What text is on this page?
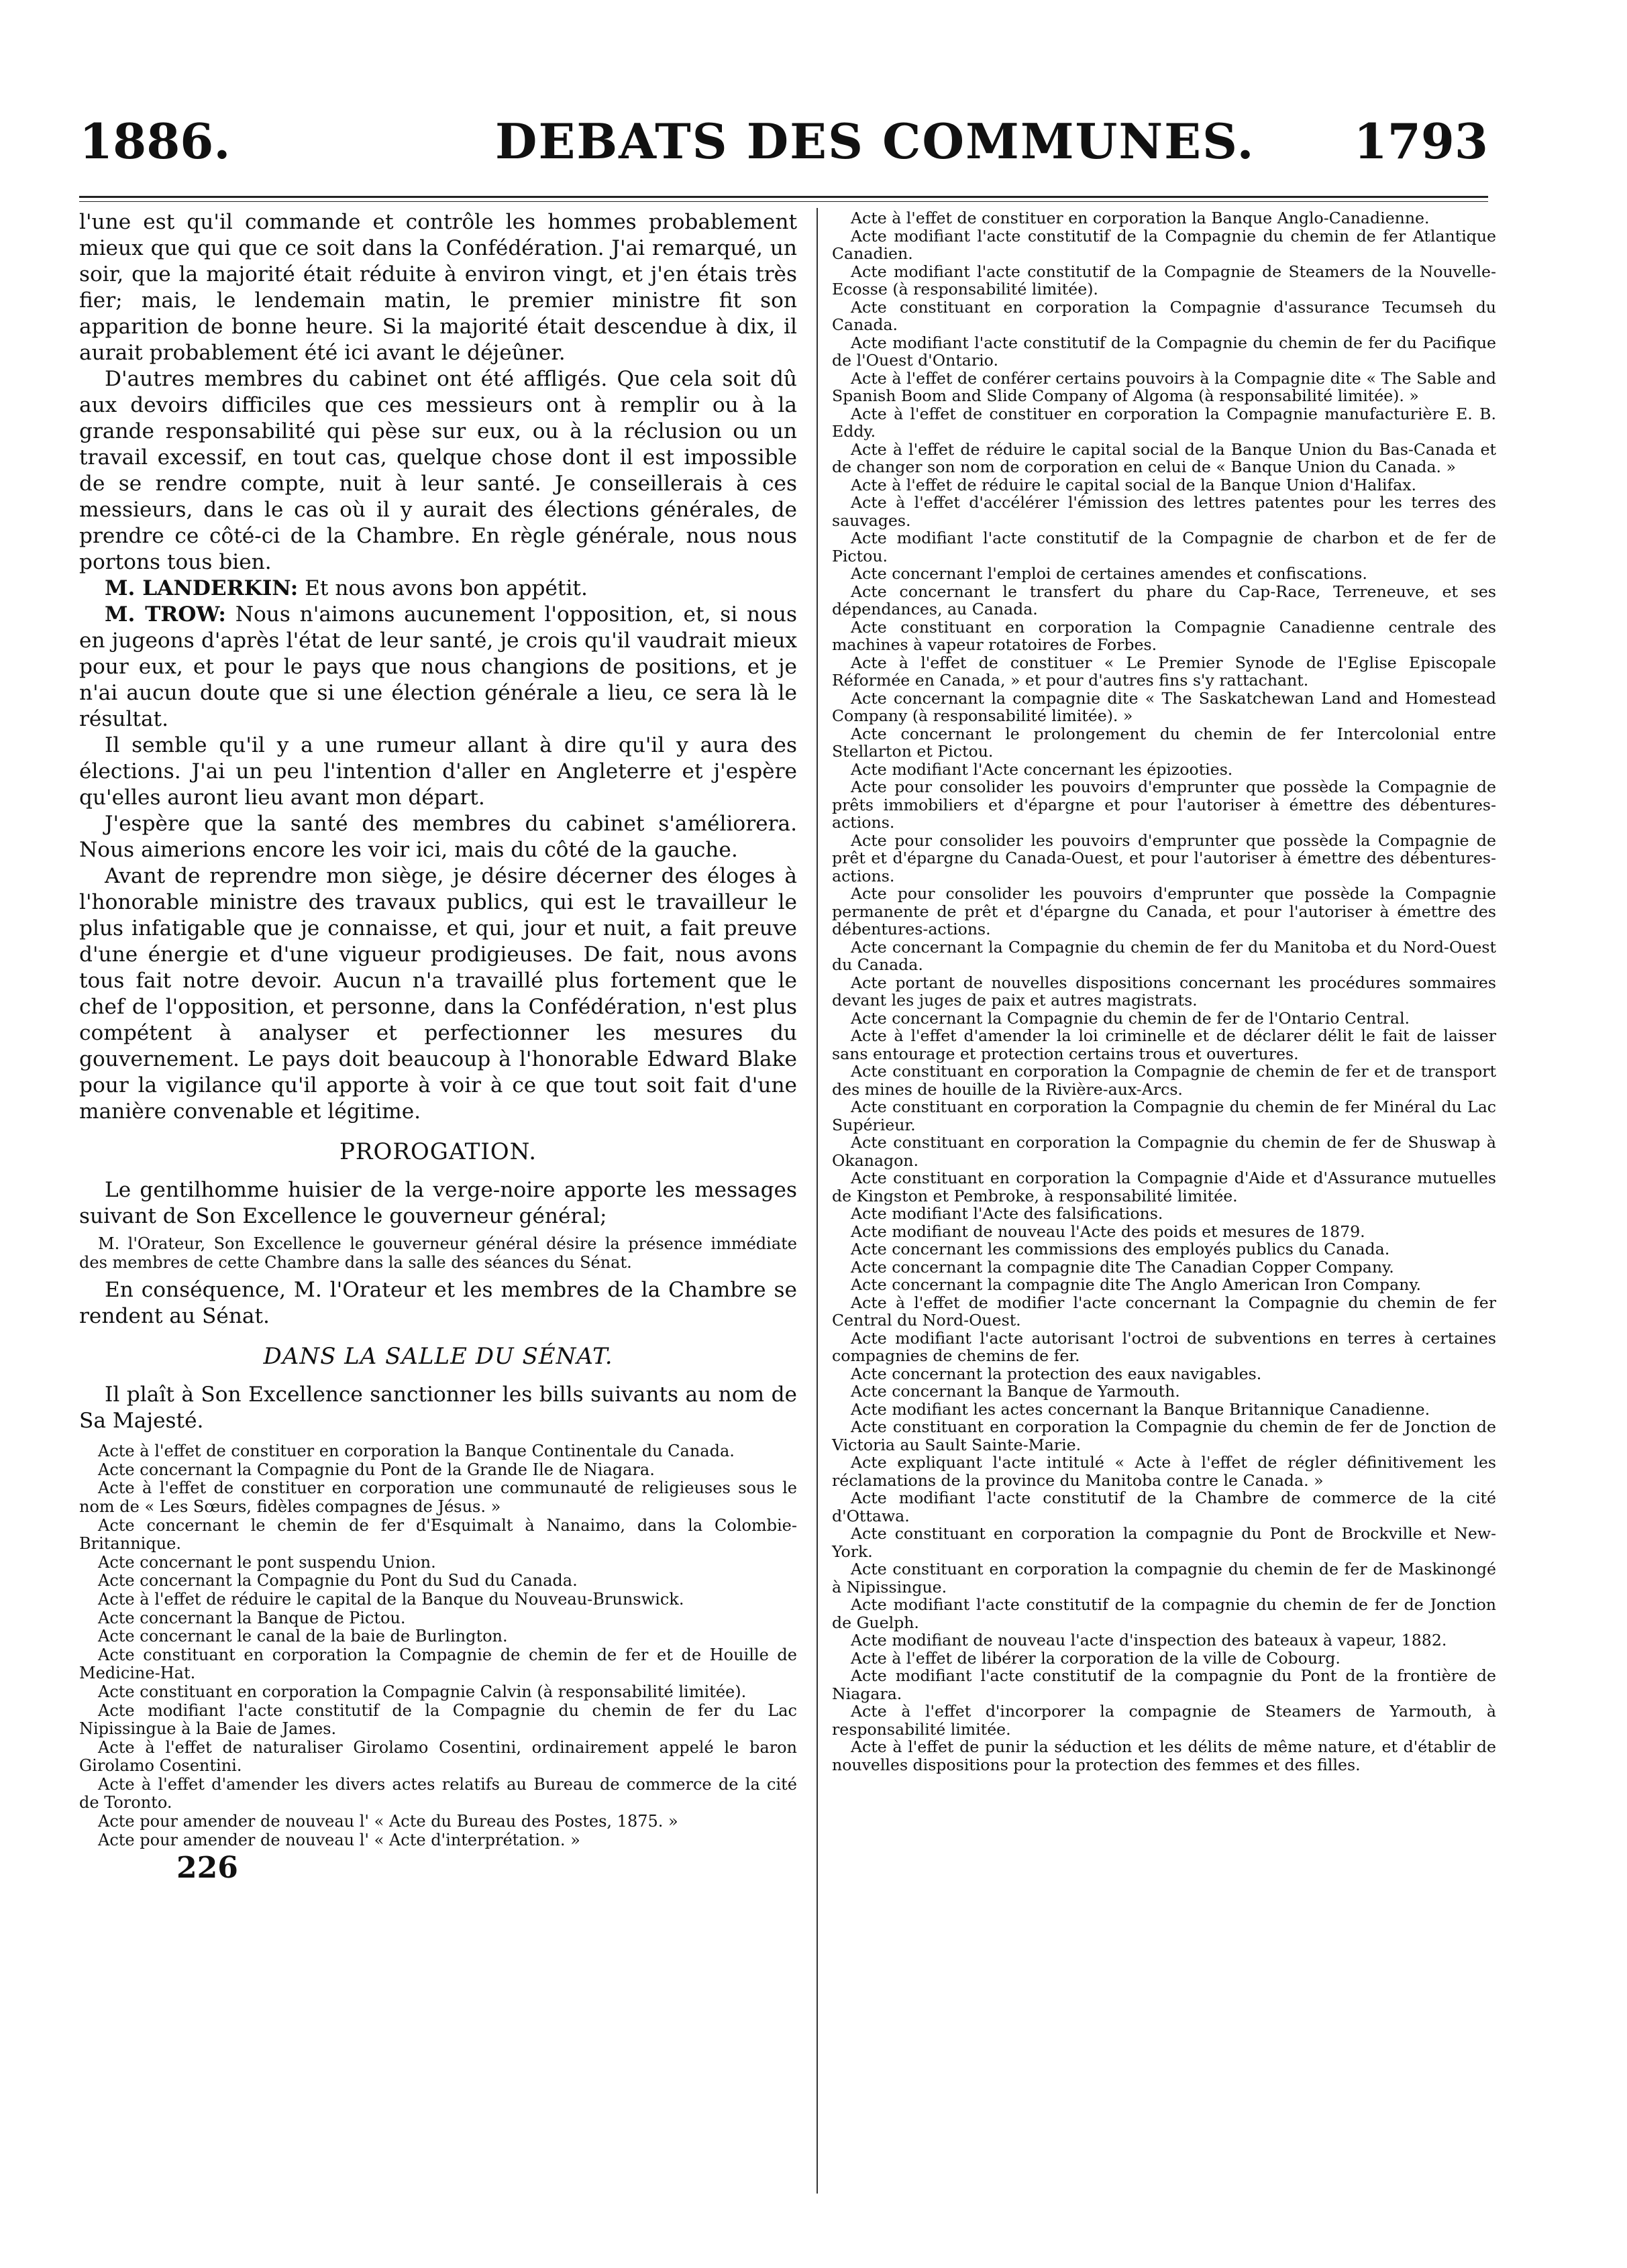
1886.	DEBATS DES COMMUNES. 1793

l'une est qu'il commande et contrôle les hommes probablement mieux que qui que ce soit dans la Confédération. J'ai remarqué, un soir, que la majorité était réduite à environ vingt, et j'en étais très fier; mais, le lendemain matin, le premier ministre fit son apparition de bonne heure. Si la majorité était descendue à dix, il aurait probablement été ici avant le déjeûner.

D'autres membres du cabinet ont été affligés. Que cela soit dû aux devoirs difficiles que ces messieurs ont à remplir ou à la grande responsabilité qui pèse sur eux, ou à la réclusion ou un travail excessif, en tout cas, quelque chose dont il est impossible de se rendre compte, nuit à leur santé. Je conseillerais à ces messieurs, dans le cas où il y aurait des élections générales, de prendre ce côté-ci de la Chambre. En règle générale, nous nous portons tous bien.

M. LANDERKIN: Et nous avons bon appétit.

M. TROW: Nous n'aimons aucunement l'opposition, et, si nous en jugeons d'après l'état de leur santé, je crois qu'il vaudrait mieux pour eux, et pour le pays que nous changions de positions, et je n'ai aucun doute que si une élection générale a lieu, ce sera là le résultat.

Il semble qu'il y a une rumeur allant à dire qu'il y aura des élections. J'ai un peu l'intention d'aller en Angleterre et j'espère qu'elles auront lieu avant mon départ.

J'espère que la santé des membres du cabinet s'améliorera. Nous aimerions encore les voir ici, mais du côté de la gauche.

Avant de reprendre mon siège, je désire décerner des éloges à l'honorable ministre des travaux publics, qui est le travailleur le plus infatigable que je connaisse, et qui, jour et nuit, a fait preuve d'une énergie et d'une vigueur prodigieuses. De fait, nous avons tous fait notre devoir. Aucun n'a travaillé plus fortement que le chef de l'opposition, et personne, dans la Confédération, n'est plus compétent à analyser et perfectionner les mesures du gouvernement. Le pays doit beaucoup à l'honorable Edward Blake pour la vigilance qu'il apporte à voir à ce que tout soit fait d'une manière convenable et légitime.

PROROGATION.

Le gentilhomme huisier de la verge-noire apporte les messages suivant de Son Excellence le gouverneur général;

M. l'Orateur, Son Excellence le gouverneur général désire la présence immédiate des membres de cette Chambre dans la salle des séances du Sénat.

En conséquence, M. l'Orateur et les membres de la Chambre se rendent au Sénat.

DANS LA SALLE DU SÉNAT.

Il plaît à Son Excellence sanctionner les bills suivants au nom de Sa Majesté.

Acte à l'effet de constituer en corporation la Banque Continentale du Canada.

Acte concernant la Compagnie du Pont de la Grande Ile de Niagara.

Acte à l'effet de constituer en corporation une communauté de religieuses sous le nom de « Les Sœurs, fidèles compagnes de Jésus. »

Acte concernant le chemin de fer d'Esquimalt à Nanaimo, dans la Colombie-Britannique.

Acte concernant le pont suspendu Union.

Acte concernant la Compagnie du Pont du Sud du Canada.

Acte à l'effet de réduire le capital de la Banque du Nouveau-Brunswick.

Acte concernant la Banque de Pictou.

Acte concernant le canal de la baie de Burlington.

Acte constituant en corporation la Compagnie de chemin de fer et de Houille de Medicine-Hat.

Acte constituant en corporation la Compagnie Calvin (à responsabilité limitée).

Acte modifiant l'acte constitutif de la Compagnie du chemin de fer du Lac Nipissingue à la Baie de James.

Acte à l'effet de naturaliser Girolamo Cosentini, ordinairement appelé le baron Girolamo Cosentini.

Acte à l'effet d'amender les divers actes relatifs au Bureau de commerce de la cité de Toronto.

Acte pour amender de nouveau l' « Acte du Bureau des Postes, 1875. »

Acte pour amender de nouveau l' « Acte d'interprétation. »

226

Acte à l'effet de constituer en corporation la Banque Anglo-Canadienne.

Acte modifiant l'acte constitutif de la Compagnie du chemin de fer Atlantique Canadien.

Acte modifiant l'acte constitutif de la Compagnie de Steamers de la Nouvelle-Ecosse (à responsabilité limitée).

Acte constituant en corporation la Compagnie d'assurance Tecumseh du Canada.

Acte modifiant l'acte constitutif de la Compagnie du chemin de fer du Pacifique de l'Ouest d'Ontario.

Acte à l'effet de conférer certains pouvoirs à la Compagnie dite « The Sable and Spanish Boom and Slide Company of Algoma (à responsabilité limitée). »

Acte à l'effet de constituer en corporation la Compagnie manufacturière E. B. Eddy.

Acte à l'effet de réduire le capital social de la Banque Union du Bas-Canada et de changer son nom de corporation en celui de « Banque Union du Canada. »

Acte à l'effet de réduire le capital social de la Banque Union d'Halifax.

Acte à l'effet d'accélérer l'émission des lettres patentes pour les terres des sauvages.

Acte modifiant l'acte constitutif de la Compagnie de charbon et de fer de Pictou.

Acte concernant l'emploi de certaines amendes et confiscations.

Acte concernant le transfert du phare du Cap-Race, Terreneuve, et ses dépendances, au Canada.

Acte constituant en corporation la Compagnie Canadienne centrale des machines à vapeur rotatoires de Forbes.

Acte à l'effet de constituer « Le Premier Synode de l'Eglise Episcopale Réformée en Canada, » et pour d'autres fins s'y rattachant.

Acte concernant la compagnie dite « The Saskatchewan Land and Homestead Company (à responsabilité limitée). »

Acte concernant le prolongement du chemin de fer Intercolonial entre Stellarton et Pictou.

Acte modifiant l'Acte concernant les épizooties.

Acte pour consolider les pouvoirs d'emprunter que possède la Compagnie de prêts immobiliers et d'épargne et pour l'autoriser à émettre des débentures-actions.

Acte pour consolider les pouvoirs d'emprunter que possède la Compagnie de prêt et d'épargne du Canada-Ouest, et pour l'autoriser à émettre des débentures-actions.

Acte pour consolider les pouvoirs d'emprunter que possède la Compagnie permanente de prêt et d'épargne du Canada, et pour l'autoriser à émettre des débentures-actions.

Acte concernant la Compagnie du chemin de fer du Manitoba et du Nord-Ouest du Canada.

Acte portant de nouvelles dispositions concernant les procédures sommaires devant les juges de paix et autres magistrats.

Acte concernant la Compagnie du chemin de fer de l'Ontario Central.

Acte à l'effet d'amender la loi criminelle et de déclarer délit le fait de laisser sans entourage et protection certains trous et ouvertures.

Acte constituant en corporation la Compagnie de chemin de fer et de transport des mines de houille de la Rivière-aux-Arcs.

Acte constituant en corporation la Compagnie du chemin de fer Minéral du Lac Supérieur.

Acte constituant en corporation la Compagnie du chemin de fer de Shuswap à Okanagon.

Acte constituant en corporation la Compagnie d'Aide et d'Assurance mutuelles de Kingston et Pembroke, à responsabilité limitée.

Acte modifiant l'Acte des falsifications.

Acte modifiant de nouveau l'Acte des poids et mesures de 1879.

Acte concernant les commissions des employés publics du Canada.

Acte concernant la compagnie dite The Canadian Copper Company.

Acte concernant la compagnie dite The Anglo American Iron Company.

Acte à l'effet de modifier l'acte concernant la Compagnie du chemin de fer Central du Nord-Ouest.

Acte modifiant l'acte autorisant l'octroi de subventions en terres à certaines compagnies de chemins de fer.

Acte concernant la protection des eaux navigables.

Acte concernant la Banque de Yarmouth.

Acte modifiant les actes concernant la Banque Britannique Canadienne.

Acte constituant en corporation la Compagnie du chemin de fer de Jonction de Victoria au Sault Sainte-Marie.

Acte expliquant l'acte intitulé « Acte à l'effet de régler définitivement les réclamations de la province du Manitoba contre le Canada. »

Acte modifiant l'acte constitutif de la Chambre de commerce de la cité d'Ottawa.

Acte constituant en corporation la compagnie du Pont de Brockville et New-York.

Acte constituant en corporation la compagnie du chemin de fer de Maskinongé à Nipissingue.

Acte modifiant l'acte constitutif de la compagnie du chemin de fer de Jonction de Guelph.

Acte modifiant de nouveau l'acte d'inspection des bateaux à vapeur, 1882.

Acte à l'effet de libérer la corporation de la ville de Cobourg.

Acte modifiant l'acte constitutif de la compagnie du Pont de la frontière de Niagara.

Acte à l'effet d'incorporer la compagnie de Steamers de Yarmouth, à responsabilité limitée.

Acte à l'effet de punir la séduction et les délits de même nature, et d'établir de nouvelles dispositions pour la protection des femmes et des filles.
